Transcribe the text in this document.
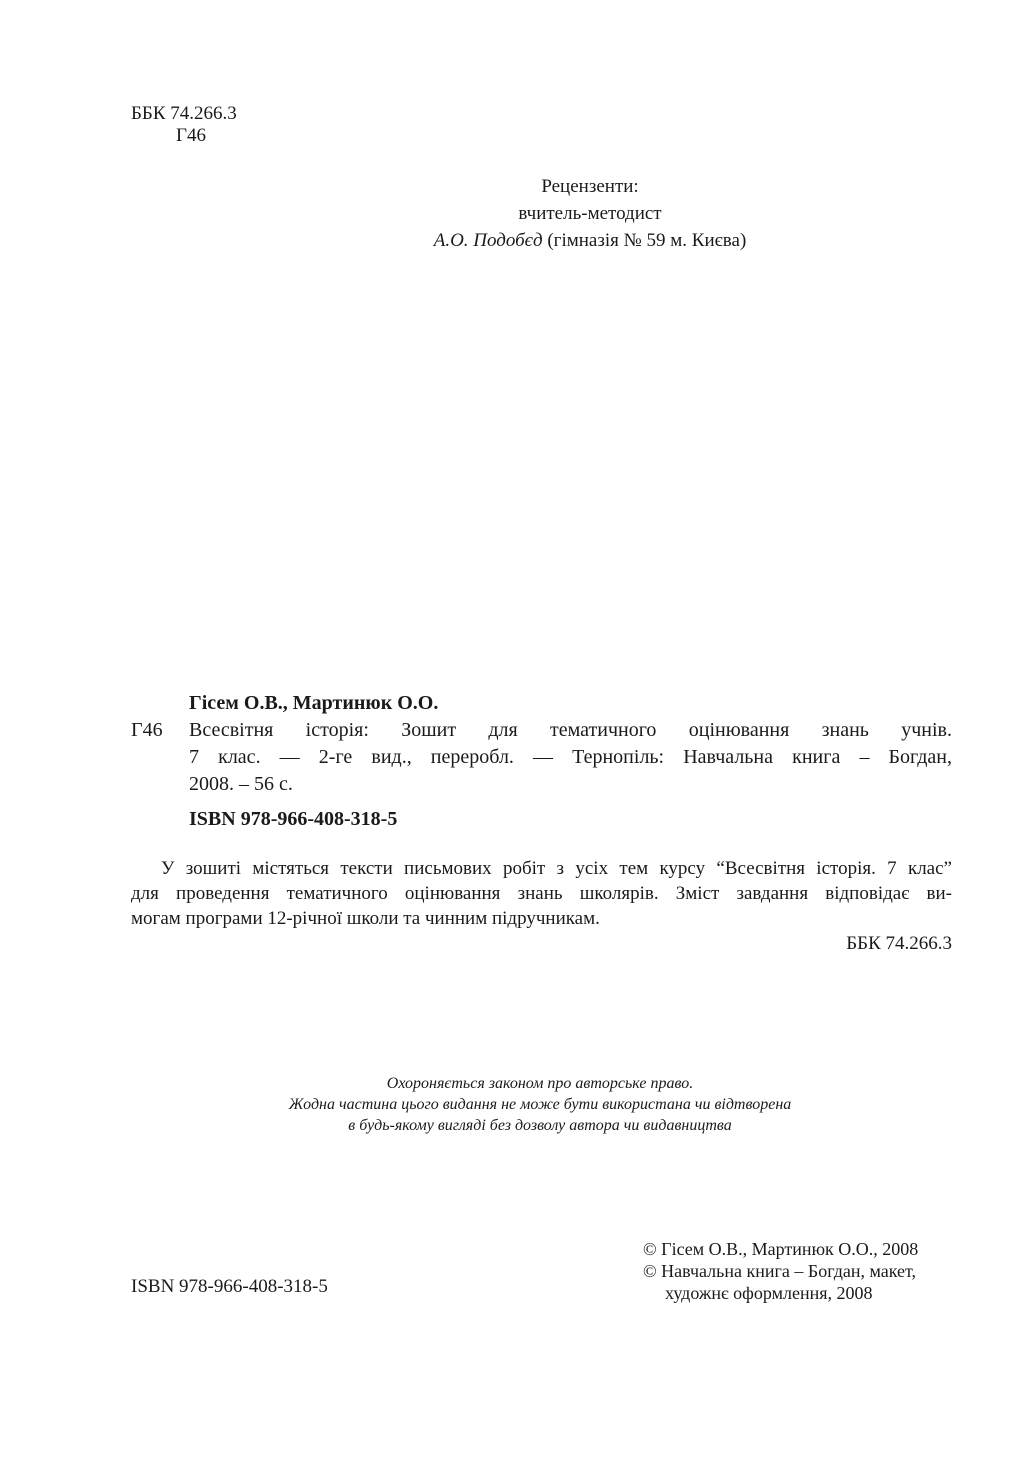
ББК 74.266.3
Г46
Рецензенти:
вчитель-методист
А.О. Подобєд (гімназія № 59 м. Києва)
Гісем О.В., Мартинюк О.О.
Г46	Всесвітня історія: Зошит для тематичного оцінювання знань учнів.
7 клас. — 2-ге вид., переробл. — Тернопіль: Навчальна книга – Богдан,
2008. – 56 с.
ISBN 978-966-408-318-5
У зошиті містяться тексти письмових робіт з усіх тем курсу “Всесвітня історія. 7 клас”
для проведення тематичного оцінювання знань школярів. Зміст завдання відповідає ви-
могам програми 12-річної школи та чинним підручникам.
ББК 74.266.3
Охороняється законом про авторське право.
Жодна частина цього видання не може бути використана чи відтворена
в будь-якому вигляді без дозволу автора чи видавництва
ISBN 978-966-408-318-5
© Гісем О.В., Мартинюк О.О., 2008
© Навчальна книга – Богдан, макет,
художнє оформлення, 2008
